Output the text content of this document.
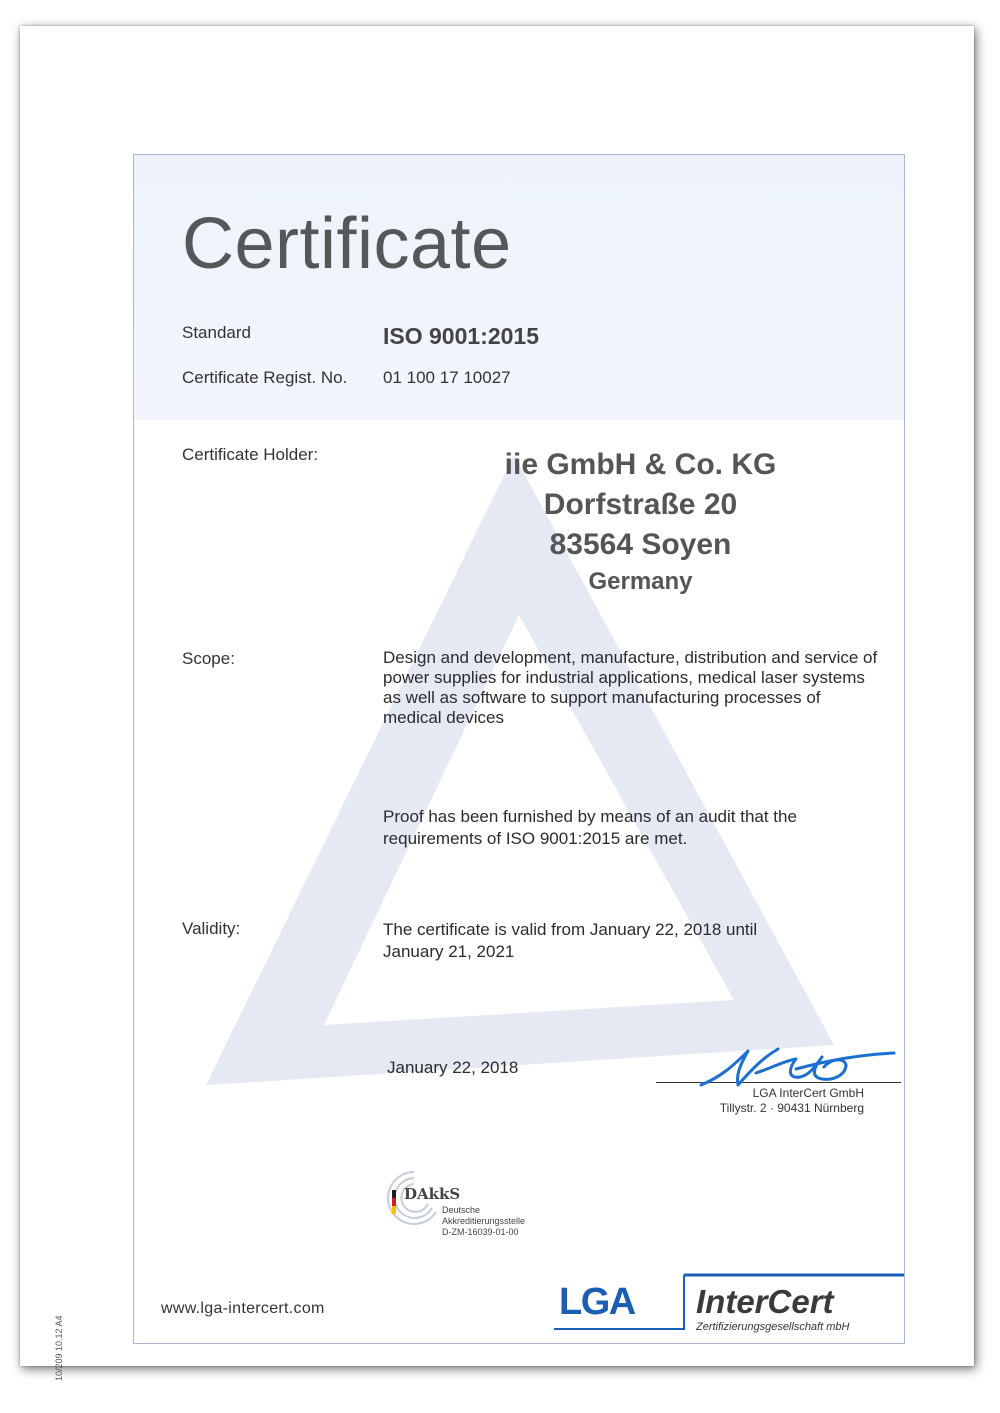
10/209 10.12 A4
Certificate
Standard	ISO 9001:2015
Certificate Regist. No. 01 100 17 10027
Certificate Holder:	iie GmbH & Co. KG
Dorfstraße 20
83564 Soyen
Germany
Scope:	Design and development, manufacture, distribution and service of
power supplies for industrial applications, medical laser systems
as well as software to support manufacturing processes of
medical devices
Proof has been furnished by means of an audit that the
requirements of ISO 9001:2015 are met.
Validity:	The certificate is valid from January 22, 2018 until
January 21, 2021
January 22, 2018
LGA InterCert GmbH
Tillystr. 2 · 90431 Nürnberg
DAkkS
Deutsche
Akkreditierungsstelle
D-ZM-16039-01-00
www.lga-intercert.com	LGA InterCert
Zertifizierungsgesellschaft mbH
